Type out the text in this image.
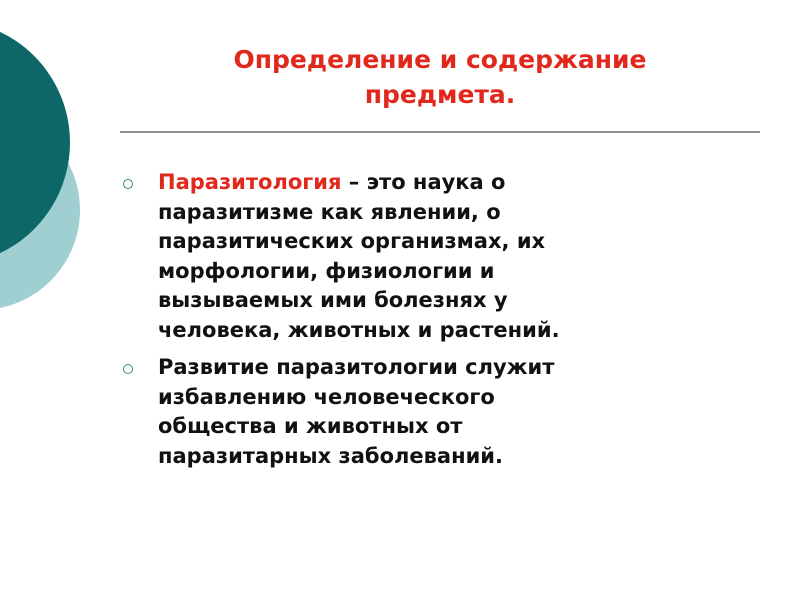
Определение и содержание
предмета.
Паразитология – это наука о
паразитизме как явлении, о
паразитических организмах, их
морфологии, физиологии и
вызываемых ими болезнях у
человека, животных и растений.
Развитие паразитологии служит
избавлению человеческого
общества и животных от
паразитарных заболеваний.
